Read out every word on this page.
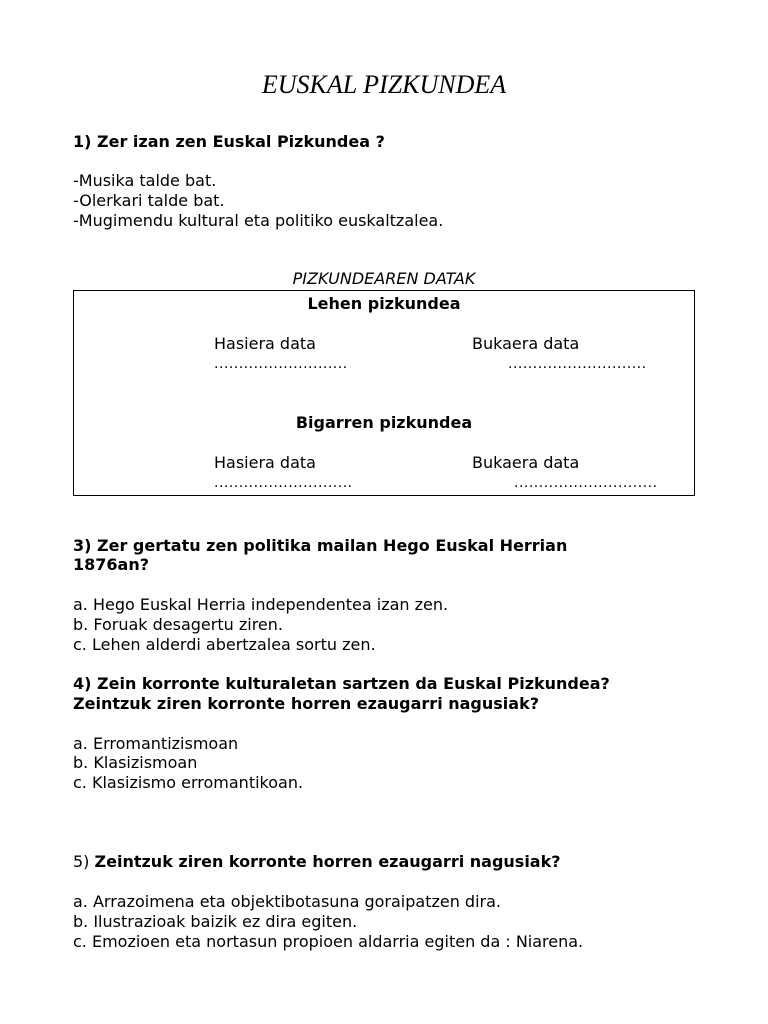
EUSKAL PIZKUNDEA
1) Zer izan zen Euskal Pizkundea ?
-Musika talde bat.
-Olerkari talde bat.
-Mugimendu kultural eta politiko euskaltzalea.
PIZKUNDEAREN DATAK
Lehen pizkundea
Hasiera data	Bukaera data
...........................	............................
Bigarren pizkundea
Hasiera data	Bukaera data
............................	.............................
3) Zer gertatu zen politika mailan Hego Euskal Herrian
1876an?
a. Hego Euskal Herria independentea izan zen.
b. Foruak desagertu ziren.
c. Lehen alderdi abertzalea sortu zen.
4) Zein korronte kulturaletan sartzen da Euskal Pizkundea?
Zeintzuk ziren korronte horren ezaugarri nagusiak?
a. Erromantizismoan
b. Klasizismoan
c. Klasizismo erromantikoan.
5) Zeintzuk ziren korronte horren ezaugarri nagusiak?
a. Arrazoimena eta objektibotasuna goraipatzen dira.
b. Ilustrazioak baizik ez dira egiten.
c. Emozioen eta nortasun propioen aldarria egiten da : Niarena.
